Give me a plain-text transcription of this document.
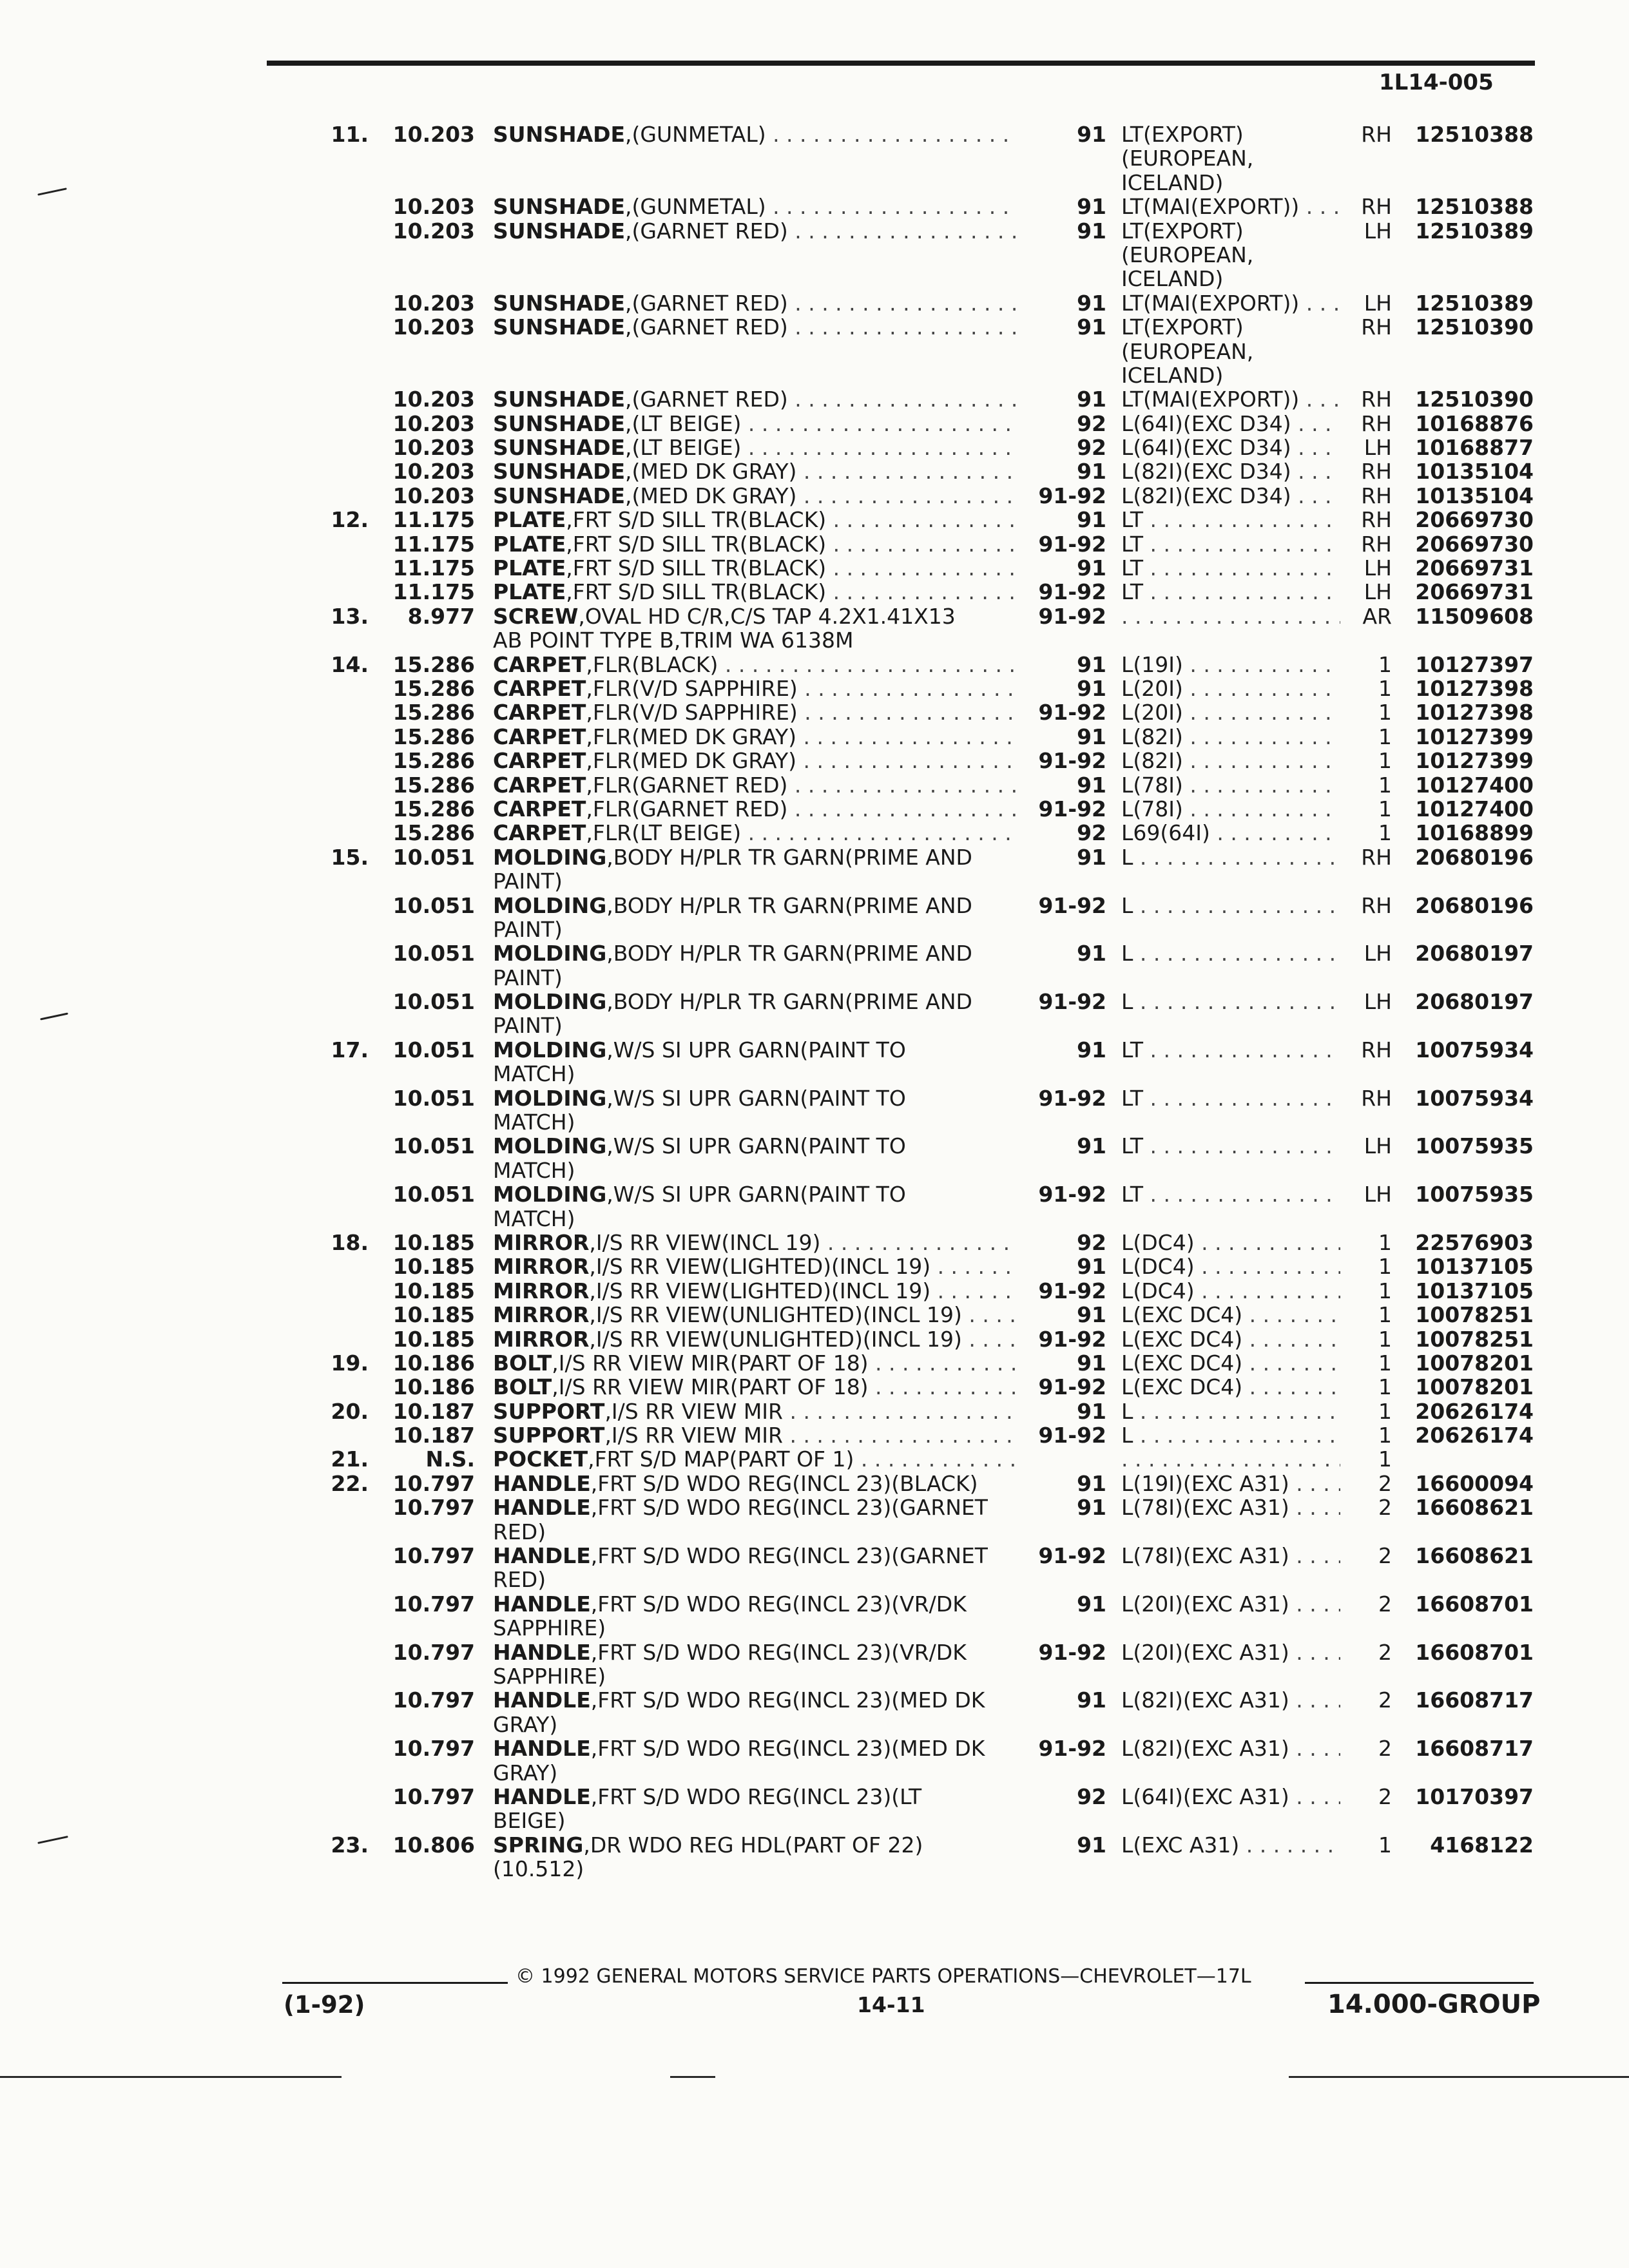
1L14-005
11.	10.203 SUNSHADE,(GUNMETAL) . . .	91 LT(EXPORT)	RH	12510388
(EUROPEAN,
ICELAND)
10.203 SUNSHADE,(GUNMETAL) . . .	91 LT(MAI(EXPORT)) . . .	RH	12510388
10.203 SUNSHADE,(GARNET RED) . . .	91 LT(EXPORT)	LH	12510389
(EUROPEAN,
ICELAND)
10.203 SUNSHADE,(GARNET RED) . . .	91 LT(MAI(EXPORT)) . . .	LH	12510389
10.203 SUNSHADE,(GARNET RED) . . .	91 LT(EXPORT)	RH	12510390
(EUROPEAN,
ICELAND)
10.203 SUNSHADE,(GARNET RED) . . .	91 LT(MAI(EXPORT)) . . .	RH	12510390
10.203 SUNSHADE,(LT BEIGE) . . .	92 L(64I)(EXC D34) . . .	RH	10168876
10.203 SUNSHADE,(LT BEIGE) . . .	92 L(64I)(EXC D34) . . .	LH	10168877
10.203 SUNSHADE,(MED DK GRAY) . . .	91 L(82I)(EXC D34) . . .	RH	10135104
10.203 SUNSHADE,(MED DK GRAY) . . .	91-92 L(82I)(EXC D34) . . .	RH	10135104
12.	11.175 PLATE,FRT S/D SILL TR(BLACK) . . .	91 LT . . .	RH	20669730
11.175 PLATE,FRT S/D SILL TR(BLACK) . . .	91-92 LT . . .	RH	20669730
11.175 PLATE,FRT S/D SILL TR(BLACK) . . .	91 LT . . .	LH	20669731
11.175 PLATE,FRT S/D SILL TR(BLACK) . . .	91-92 LT . . .	LH	20669731
13.	8.977 SCREW,OVAL HD C/R,C/S TAP 4.2X1.41X13	91-92 . . .	AR	11509608
AB POINT TYPE B,TRIM WA 6138M
14.	15.286 CARPET,FLR(BLACK) . . .	91 L(19I) . . .	1	10127397
15.286 CARPET,FLR(V/D SAPPHIRE) . . .	91 L(20I) . . .	1	10127398
15.286 CARPET,FLR(V/D SAPPHIRE) . . .	91-92 L(20I) . . .	1	10127398
15.286 CARPET,FLR(MED DK GRAY) . . .	91 L(82I) . . .	1	10127399
15.286 CARPET,FLR(MED DK GRAY) . . .	91-92 L(82I) . . .	1	10127399
15.286 CARPET,FLR(GARNET RED) . . .	91 L(78I) . . .	1	10127400
15.286 CARPET,FLR(GARNET RED) . . .	91-92 L(78I) . . .	1	10127400
15.286 CARPET,FLR(LT BEIGE) . . .	92 L69(64I) . . .	1	10168899
15.	10.051 MOLDING,BODY H/PLR TR GARN(PRIME AND	91 L . . .	RH	20680196
PAINT)
10.051 MOLDING,BODY H/PLR TR GARN(PRIME AND	91-92 L . . .	RH	20680196
PAINT)
10.051 MOLDING,BODY H/PLR TR GARN(PRIME AND	91 L . . .	LH	20680197
PAINT)
10.051 MOLDING,BODY H/PLR TR GARN(PRIME AND	91-92 L . . .	LH	20680197
PAINT)
17.	10.051 MOLDING,W/S SI UPR GARN(PAINT TO	91 LT . . .	RH	10075934
MATCH)
10.051 MOLDING,W/S SI UPR GARN(PAINT TO	91-92 LT . . .	RH	10075934
MATCH)
10.051 MOLDING,W/S SI UPR GARN(PAINT TO	91 LT . . .	LH	10075935
MATCH)
10.051 MOLDING,W/S SI UPR GARN(PAINT TO	91-92 LT . . .	LH	10075935
MATCH)
18.	10.185 MIRROR,I/S RR VIEW(INCL 19) . . .	92 L(DC4) . . .	1	22576903
10.185 MIRROR,I/S RR VIEW(LIGHTED)(INCL 19) . . .	91 L(DC4) . . .	1	10137105
10.185 MIRROR,I/S RR VIEW(LIGHTED)(INCL 19) . . .	91-92 L(DC4) . . .	1	10137105
10.185 MIRROR,I/S RR VIEW(UNLIGHTED)(INCL 19) . . .	91 L(EXC DC4) . . .	1	10078251
10.185 MIRROR,I/S RR VIEW(UNLIGHTED)(INCL 19) . . .	91-92 L(EXC DC4) . . .	1	10078251
19.	10.186 BOLT,I/S RR VIEW MIR(PART OF 18) . . .	91 L(EXC DC4) . . .	1	10078201
10.186 BOLT,I/S RR VIEW MIR(PART OF 18) . . .	91-92 L(EXC DC4) . . .	1	10078201
20.	10.187 SUPPORT,I/S RR VIEW MIR . . .	91 L . . .	1	20626174
10.187 SUPPORT,I/S RR VIEW MIR . . .	91-92 L . . .	1	20626174
21.	N.S. POCKET,FRT S/D MAP(PART OF 1) . . . . . .	1
22.	10.797 HANDLE,FRT S/D WDO REG(INCL 23)(BLACK)	91 L(19I)(EXC A31) . . .	2	16600094
10.797 HANDLE,FRT S/D WDO REG(INCL 23)(GARNET	91 L(78I)(EXC A31) . . .	2	16608621
RED)
10.797 HANDLE,FRT S/D WDO REG(INCL 23)(GARNET	91-92 L(78I)(EXC A31) . . .	2	16608621
RED)
10.797 HANDLE,FRT S/D WDO REG(INCL 23)(VR/DK	91 L(20I)(EXC A31) . . .	2	16608701
SAPPHIRE)
10.797 HANDLE,FRT S/D WDO REG(INCL 23)(VR/DK	91-92 L(20I)(EXC A31) . . .	2	16608701
SAPPHIRE)
10.797 HANDLE,FRT S/D WDO REG(INCL 23)(MED DK	91 L(82I)(EXC A31) . . .	2	16608717
GRAY)
10.797 HANDLE,FRT S/D WDO REG(INCL 23)(MED DK	91-92 L(82I)(EXC A31) . . .	2	16608717
GRAY)
10.797 HANDLE,FRT S/D WDO REG(INCL 23)(LT	92 L(64I)(EXC A31) . . .	2	10170397
BEIGE)
23.	10.806 SPRING,DR WDO REG HDL(PART OF 22)	91 L(EXC A31) . . .	1	4168122
(10.512)
© 1992 GENERAL MOTORS SERVICE PARTS OPERATIONS—CHEVROLET—17L
(1-92)	14-11	14.000-GROUP
